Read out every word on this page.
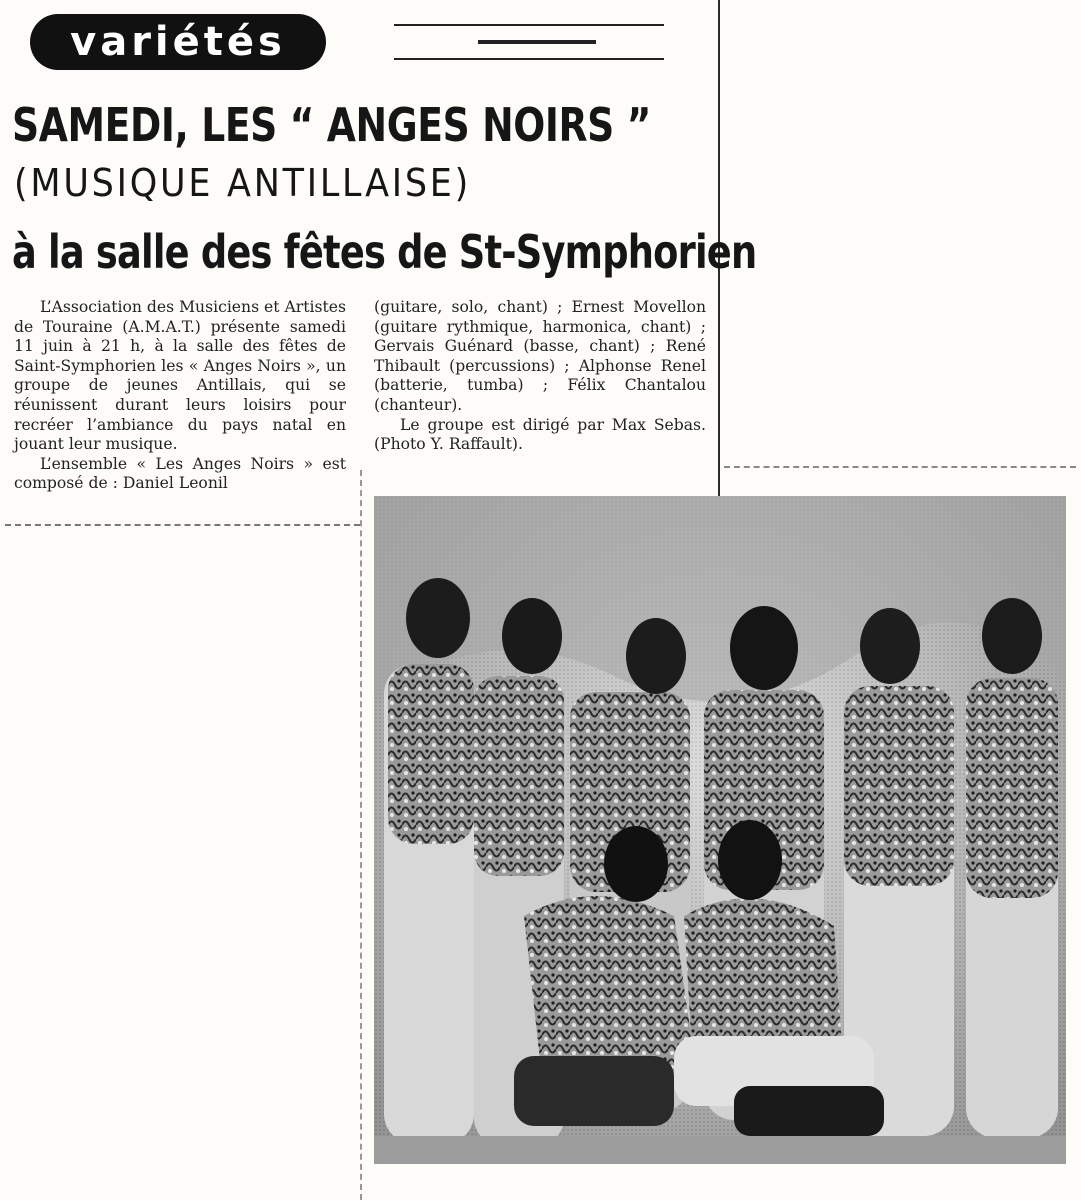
variétés
SAMEDI, LES “ ANGES NOIRS ”
(MUSIQUE ANTILLAISE)
à la salle des fêtes de St-Symphorien

L’Association des Musiciens et Artistes de Touraine (A.M.A.T.) présente samedi 11 juin à 21 h, à la salle des fêtes de Saint-Symphorien les « Anges Noirs », un groupe de jeunes Antillais, qui se réunissent durant leurs loisirs pour recréer l’ambiance du pays natal en jouant leur musique.

L’ensemble « Les Anges Noirs » est composé de : Daniel Leonil

(guitare, solo, chant) ; Ernest Movellon (guitare rythmique, harmonica, chant) ; Gervais Guénard (basse, chant) ; René Thibault (percussions) ; Alphonse Renel (batterie, tumba) ; Félix Chantalou (chanteur).

Le groupe est dirigé par Max Sebas. (Photo Y. Raffault).
